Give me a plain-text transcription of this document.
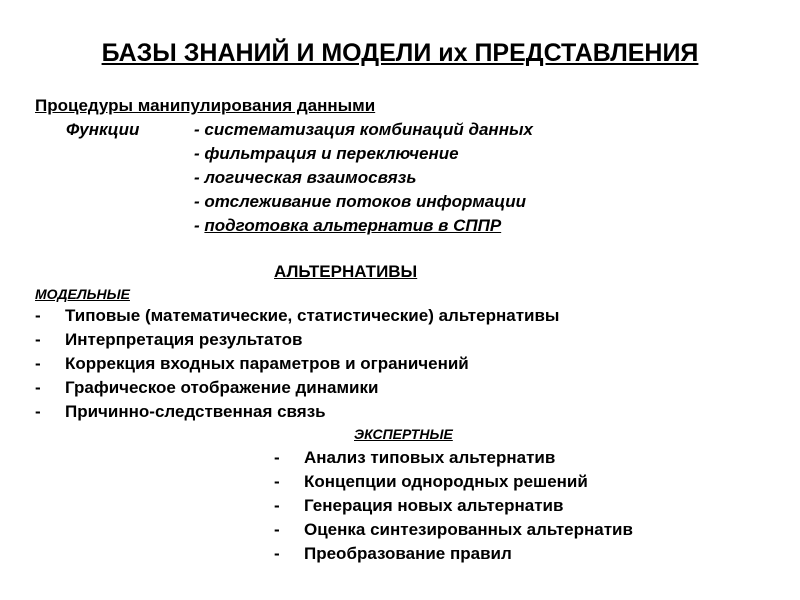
БАЗЫ ЗНАНИЙ И МОДЕЛИ их ПРЕДСТАВЛЕНИЯ
Процедуры манипулирования данными
Функции	- систематизация комбинаций данных
- фильтрация и переключение
- логическая взаимосвязь
- отслеживание потоков информации
- подготовка альтернатив в СППР
АЛЬТЕРНАТИВЫ
МОДЕЛЬНЫЕ
- Типовые (математические, статистические) альтернативы
- Интерпретация результатов
- Коррекция входных параметров и ограничений
- Графическое отображение динамики
- Причинно-следственная связь
ЭКСПЕРТНЫЕ
- Анализ типовых альтернатив
- Концепции однородных решений
- Генерация новых альтернатив
- Оценка синтезированных альтернатив
- Преобразование правил
